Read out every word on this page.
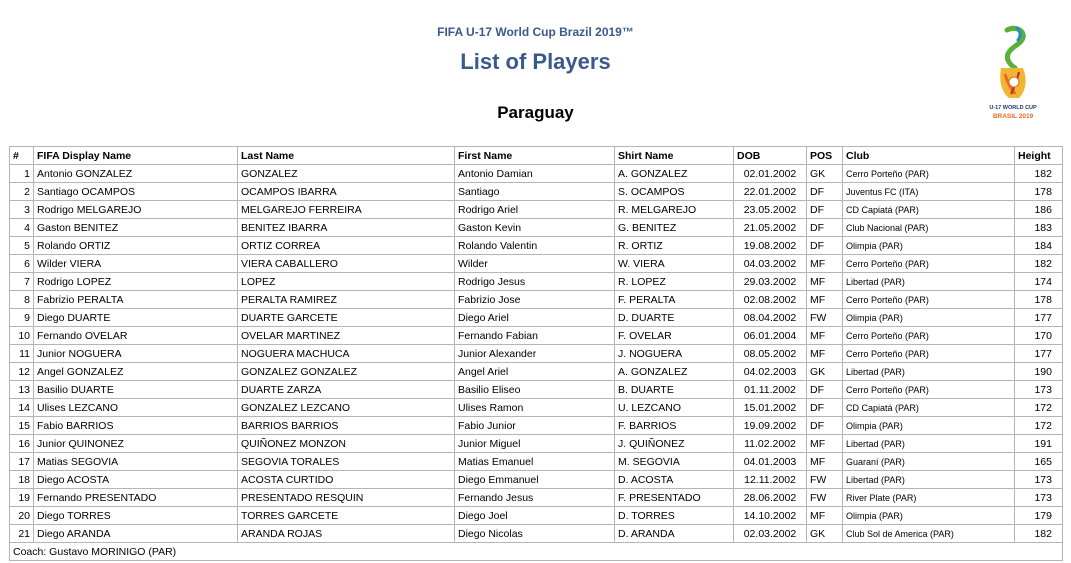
FIFA U-17 World Cup Brazil 2019™
List of Players
Paraguay	U-17 WORLD CUP
BRASIL 2019
#	FIFA Display Name	Last Name	First Name	Shirt Name	DOB	POS	Club	Height
1	Antonio GONZALEZ	GONZALEZ	Antonio Damian	A. GONZALEZ	02.01.2002	GK	Cerro Porteño (PAR)	182
2	Santiago OCAMPOS	OCAMPOS IBARRA	Santiago	S. OCAMPOS	22.01.2002	DF	Juventus FC (ITA)	178
3	Rodrigo MELGAREJO	MELGAREJO FERREIRA	Rodrigo Ariel	R. MELGAREJO	23.05.2002	DF	CD Capiatá (PAR)	186
4	Gaston BENITEZ	BENITEZ IBARRA	Gaston Kevin	G. BENITEZ	21.05.2002	DF	Club Nacional (PAR)	183
5	Rolando ORTIZ	ORTIZ CORREA	Rolando Valentin	R. ORTIZ	19.08.2002	DF	Olimpia (PAR)	184
6	Wilder VIERA	VIERA CABALLERO	Wilder	W. VIERA	04.03.2002	MF	Cerro Porteño (PAR)	182
7	Rodrigo LOPEZ	LOPEZ	Rodrigo Jesus	R. LOPEZ	29.03.2002	MF	Libertad (PAR)	174
8	Fabrizio PERALTA	PERALTA RAMIREZ	Fabrizio Jose	F. PERALTA	02.08.2002	MF	Cerro Porteño (PAR)	178
9	Diego DUARTE	DUARTE GARCETE	Diego Ariel	D. DUARTE	08.04.2002	FW	Olimpia (PAR)	177
10	Fernando OVELAR	OVELAR MARTINEZ	Fernando Fabian	F. OVELAR	06.01.2004	MF	Cerro Porteño (PAR)	170
11	Junior NOGUERA	NOGUERA MACHUCA	Junior Alexander	J. NOGUERA	08.05.2002	MF	Cerro Porteño (PAR)	177
12	Angel GONZALEZ	GONZALEZ GONZALEZ	Angel Ariel	A. GONZALEZ	04.02.2003	GK	Libertad (PAR)	190
13	Basilio DUARTE	DUARTE ZARZA	Basilio Eliseo	B. DUARTE	01.11.2002	DF	Cerro Porteño (PAR)	173
14	Ulises LEZCANO	GONZALEZ LEZCANO	Ulises Ramon	U. LEZCANO	15.01.2002	DF	CD Capiatá (PAR)	172
15	Fabio BARRIOS	BARRIOS BARRIOS	Fabio Junior	F. BARRIOS	19.09.2002	DF	Olimpia (PAR)	172
16	Junior QUINONEZ	QUIÑONEZ MONZON	Junior Miguel	J. QUIÑONEZ	11.02.2002	MF	Libertad (PAR)	191
17	Matias SEGOVIA	SEGOVIA TORALES	Matias Emanuel	M. SEGOVIA	04.01.2003	MF	Guaraní (PAR)	165
18	Diego ACOSTA	ACOSTA CURTIDO	Diego Emmanuel	D. ACOSTA	12.11.2002	FW	Libertad (PAR)	173
19	Fernando PRESENTADO	PRESENTADO RESQUIN	Fernando Jesus	F. PRESENTADO	28.06.2002	FW	River Plate (PAR)	173
20	Diego TORRES	TORRES GARCETE	Diego Joel	D. TORRES	14.10.2002	MF	Olimpia (PAR)	179
21	Diego ARANDA	ARANDA ROJAS	Diego Nicolas	D. ARANDA	02.03.2002	GK	Club Sol de America (PAR)	182
Coach: Gustavo MORINIGO (PAR)								
